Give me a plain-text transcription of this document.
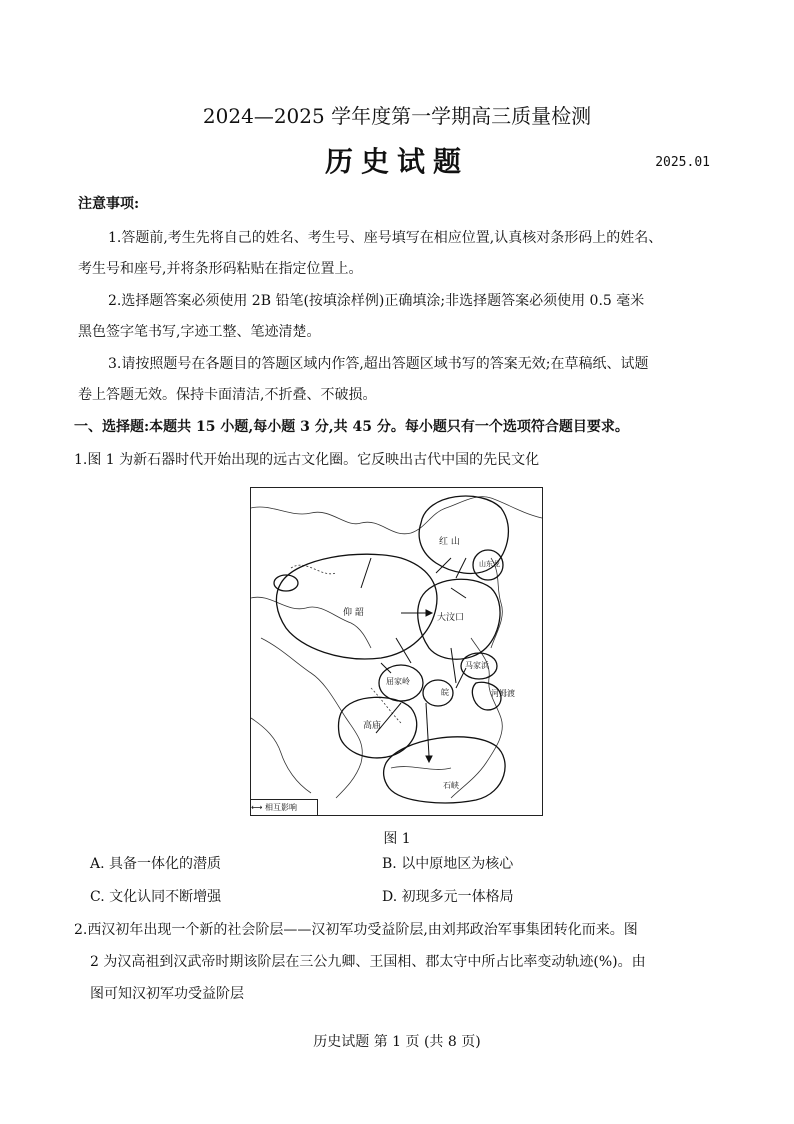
2024—2025 学年度第一学期高三质量检测
历史试题	2025.01
注意事项:
1.答题前,考生先将自己的姓名、考生号、座号填写在相应位置,认真核对条形码上的姓名、
考生号和座号,并将条形码粘贴在指定位置上。
2.选择题答案必须使用 2B 铅笔(按填涂样例)正确填涂;非选择题答案必须使用 0.5 毫米
黑色签字笔书写,字迹工整、笔迹清楚。
3.请按照题号在各题目的答题区域内作答,超出答题区域书写的答案无效;在草稿纸、试题
卷上答题无效。保持卡面清洁,不折叠、不破损。
一、选择题:本题共 15 小题,每小题 3 分,共 45 分。每小题只有一个选项符合题目要求。
1.图 1 为新石器时代开始出现的远古文化圈。它反映出古代中国的先民文化
红 山
仰 韶	大汶口
山东龙
马家浜
河姆渡
屈家岭
皖
高庙
石峡
⟷ 相互影响
图 1
A. 具备一体化的潜质	B. 以中原地区为核心
C. 文化认同不断增强	D. 初现多元一体格局
2.西汉初年出现一个新的社会阶层——汉初军功受益阶层,由刘邦政治军事集团转化而来。图
2 为汉高祖到汉武帝时期该阶层在三公九卿、王国相、郡太守中所占比率变动轨迹(%)。由
图可知汉初军功受益阶层
历史试题 第 1 页 (共 8 页)
